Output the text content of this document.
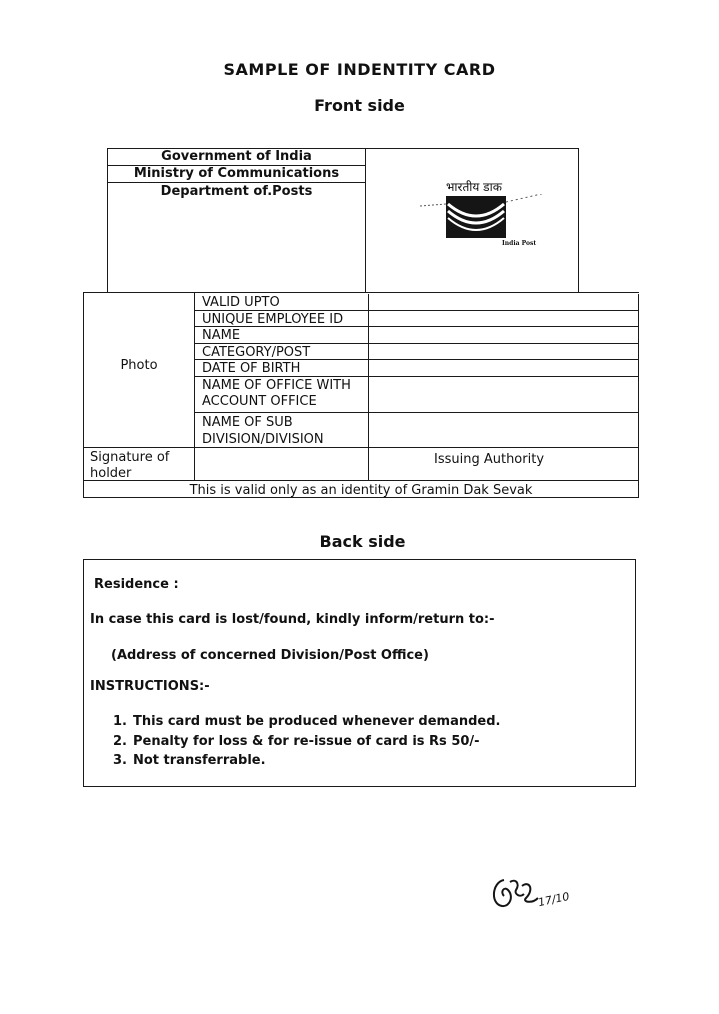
SAMPLE OF INDENTITY CARD
Front side
Government of India
Ministry of Communications
Department of.Posts	भारतीय डाक
India Post
Photo
VALID UPTO
UNIQUE EMPLOYEE ID
NAME
CATEGORY/POST
DATE OF BIRTH
NAME OF OFFICE WITH ACCOUNT OFFICE
NAME OF SUB DIVISION/DIVISION
Signature of holder
Issuing Authority
This is valid only as an identity of Gramin Dak Sevak
Back side
Residence :
In case this card is lost/found, kindly inform/return to:-
(Address of concerned Division/Post Office)
INSTRUCTIONS:-
1. This card must be produced whenever demanded.
2. Penalty for loss & for re-issue of card is Rs 50/-
3. Not transferrable.
17/10
